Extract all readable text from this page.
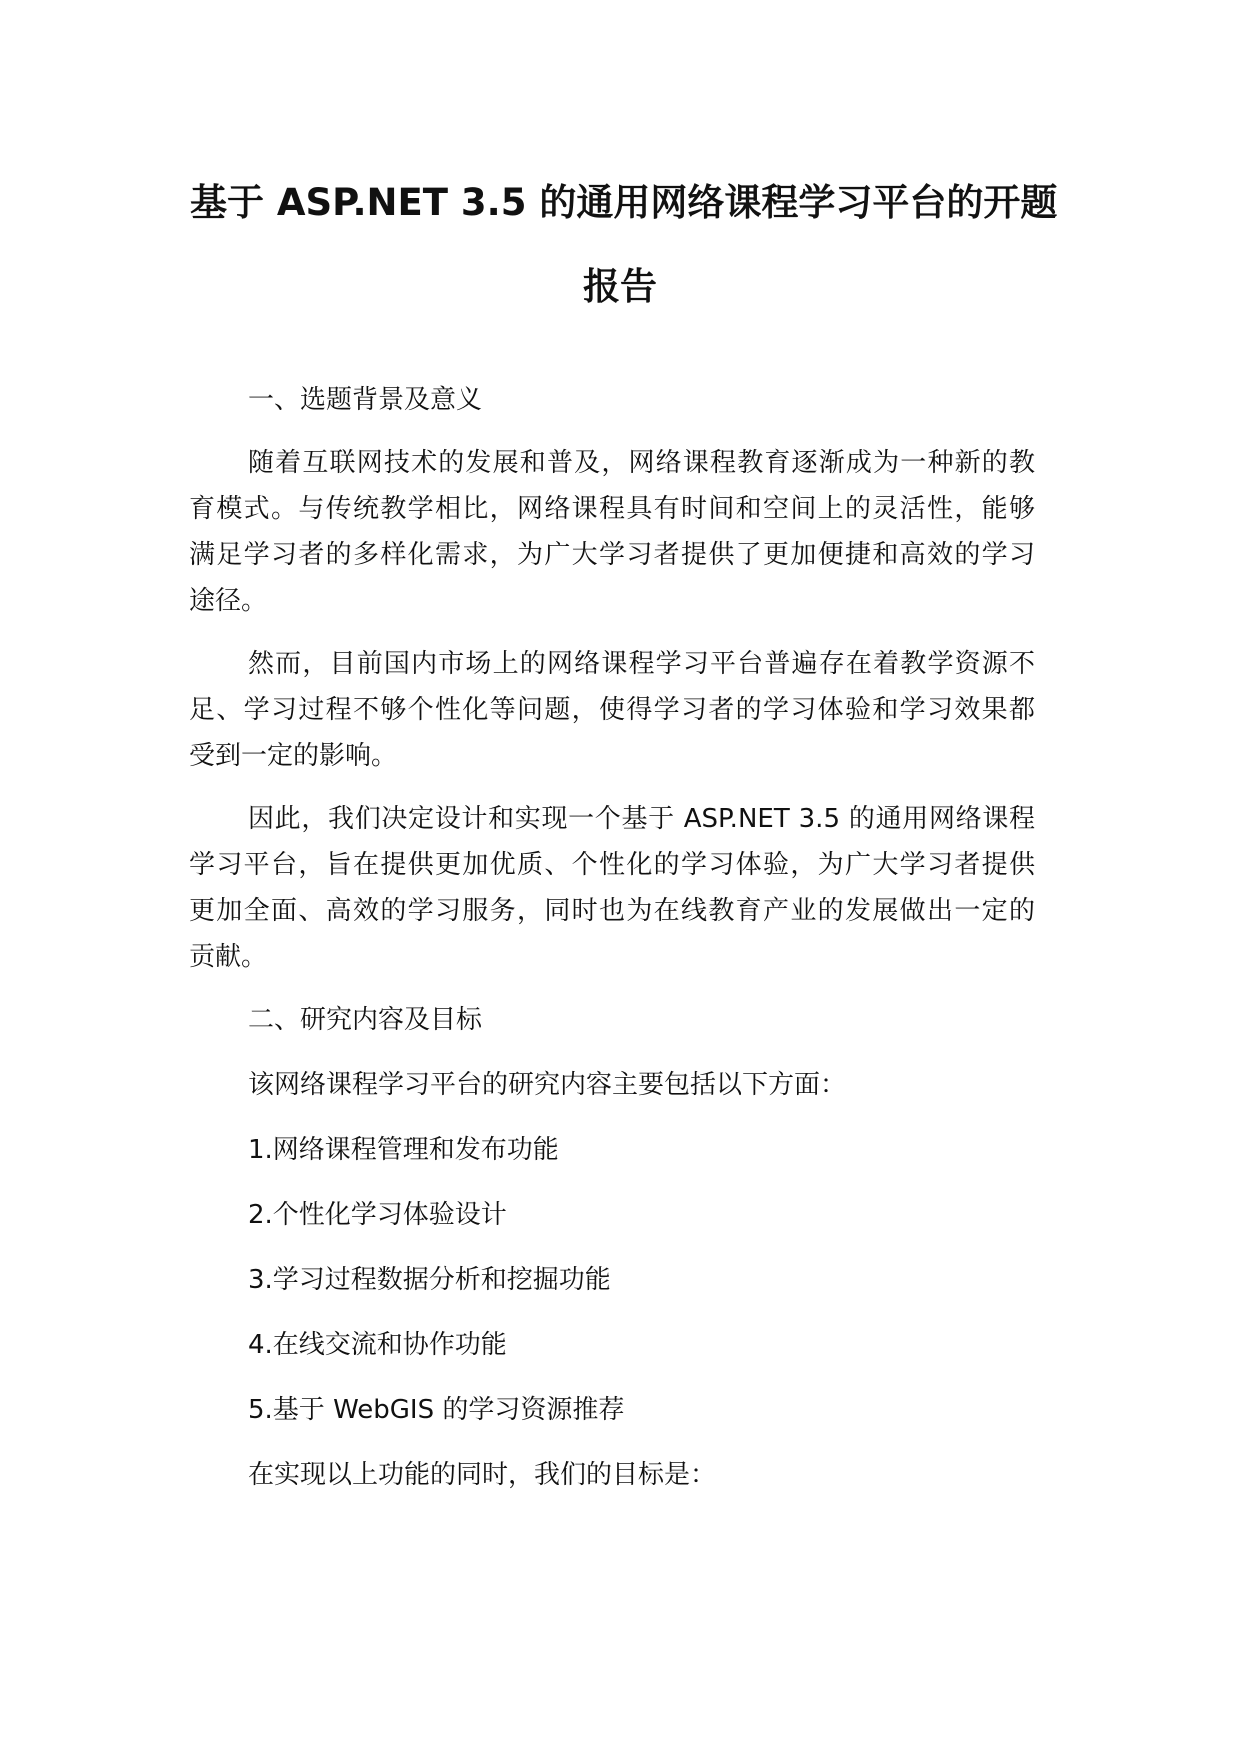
基于 ASP.NET 3.5 的通用网络课程学习平台的开题
报告
一、选题背景及意义
随着互联网技术的发展和普及，网络课程教育逐渐成为一种新的教
育模式。与传统教学相比，网络课程具有时间和空间上的灵活性，能够
满足学习者的多样化需求，为广大学习者提供了更加便捷和高效的学习
途径。
然而，目前国内市场上的网络课程学习平台普遍存在着教学资源不
足、学习过程不够个性化等问题，使得学习者的学习体验和学习效果都
受到一定的影响。
因此，我们决定设计和实现一个基于 ASP.NET 3.5 的通用网络课程
学习平台，旨在提供更加优质、个性化的学习体验，为广大学习者提供
更加全面、高效的学习服务，同时也为在线教育产业的发展做出一定的
贡献。
二、研究内容及目标
该网络课程学习平台的研究内容主要包括以下方面：
1.网络课程管理和发布功能
2.个性化学习体验设计
3.学习过程数据分析和挖掘功能
4.在线交流和协作功能
5.基于 WebGIS 的学习资源推荐
在实现以上功能的同时，我们的目标是：
